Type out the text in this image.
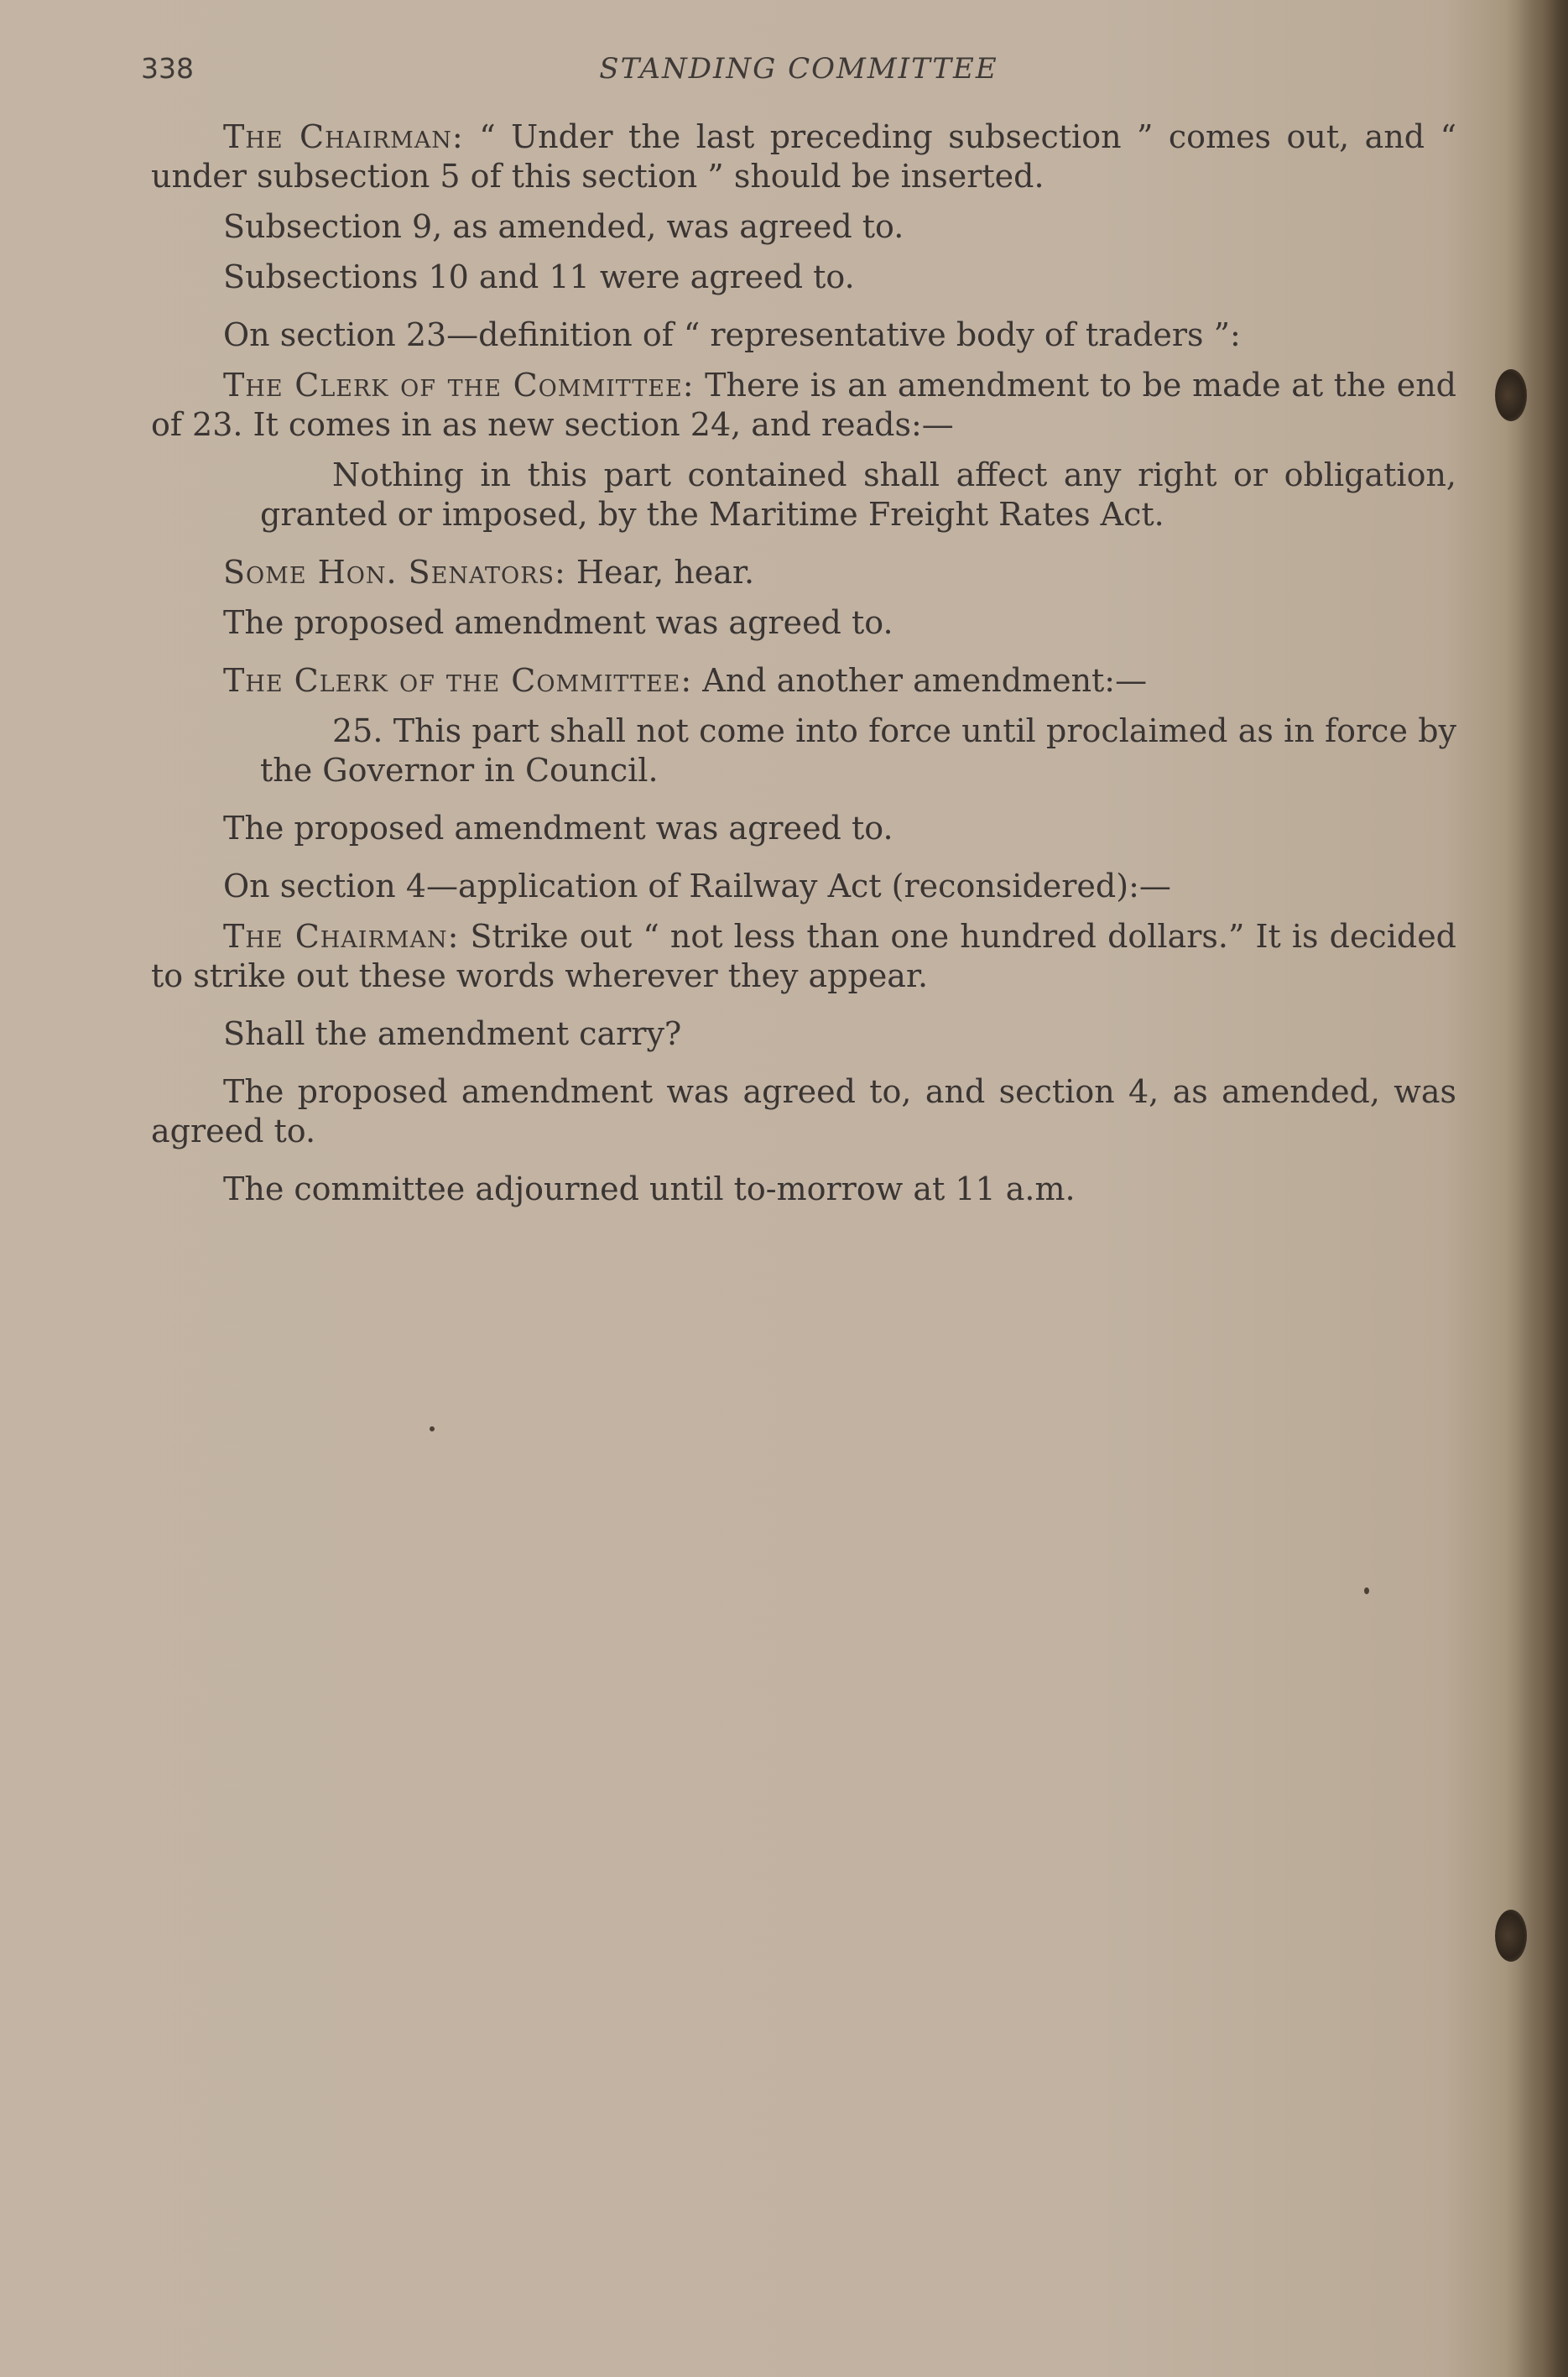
338	STANDING COMMITTEE

The Chairman: “ Under the last preceding subsection ” comes out, and “ under subsection 5 of this section ” should be inserted.

Subsection 9, as amended, was agreed to.

Subsections 10 and 11 were agreed to.

On section 23—definition of “ representative body of traders ”:

The Clerk of the Committee: There is an amendment to be made at the end of 23. It comes in as new section 24, and reads:—

Nothing in this part contained shall affect any right or obligation, granted or imposed, by the Maritime Freight Rates Act.

Some Hon. Senators: Hear, hear.

The proposed amendment was agreed to.

The Clerk of the Committee: And another amendment:—

25. This part shall not come into force until proclaimed as in force by the Governor in Council.

The proposed amendment was agreed to.

On section 4—application of Railway Act (reconsidered):—

The Chairman: Strike out “ not less than one hundred dollars.” It is decided to strike out these words wherever they appear.

Shall the amendment carry?

The proposed amendment was agreed to, and section 4, as amended, was agreed to.

The committee adjourned until to-morrow at 11 a.m.
